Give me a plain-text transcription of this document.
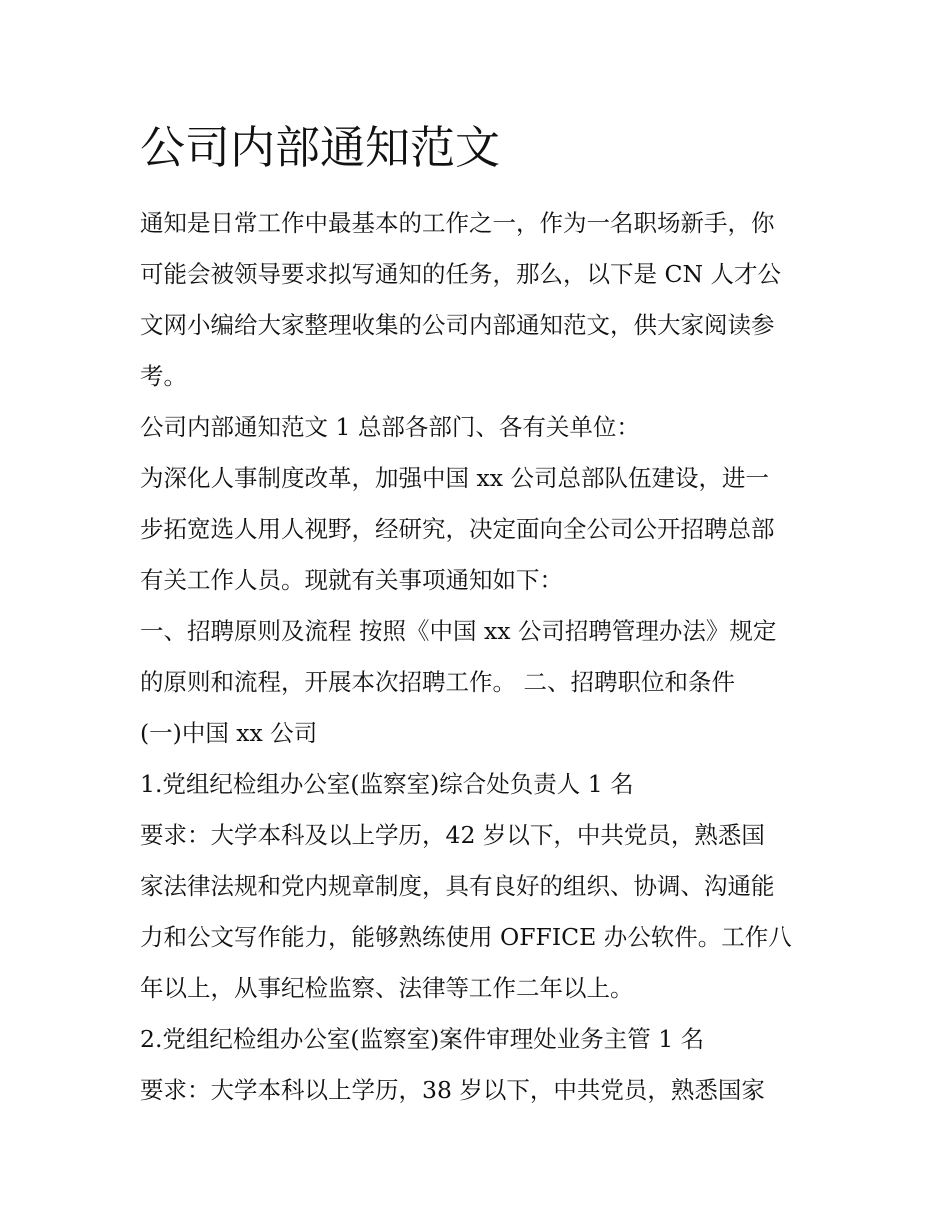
公司内部通知范文
通知是日常工作中最基本的工作之一，作为一名职场新手，你
可能会被领导要求拟写通知的任务，那么，以下是 CN 人才公
文网小编给大家整理收集的公司内部通知范文，供大家阅读参
考。
公司内部通知范文 1 总部各部门、各有关单位：
为深化人事制度改革，加强中国 xx 公司总部队伍建设，进一
步拓宽选人用人视野，经研究，决定面向全公司公开招聘总部
有关工作人员。现就有关事项通知如下：
一、招聘原则及流程 按照《中国 xx 公司招聘管理办法》规定
的原则和流程，开展本次招聘工作。 二、招聘职位和条件
(一)中国 xx 公司
1.党组纪检组办公室(监察室)综合处负责人 1 名
要求：大学本科及以上学历，42 岁以下，中共党员，熟悉国
家法律法规和党内规章制度，具有良好的组织、协调、沟通能
力和公文写作能力，能够熟练使用 OFFICE 办公软件。工作八
年以上，从事纪检监察、法律等工作二年以上。
2.党组纪检组办公室(监察室)案件审理处业务主管 1 名
要求：大学本科以上学历，38 岁以下，中共党员，熟悉国家
